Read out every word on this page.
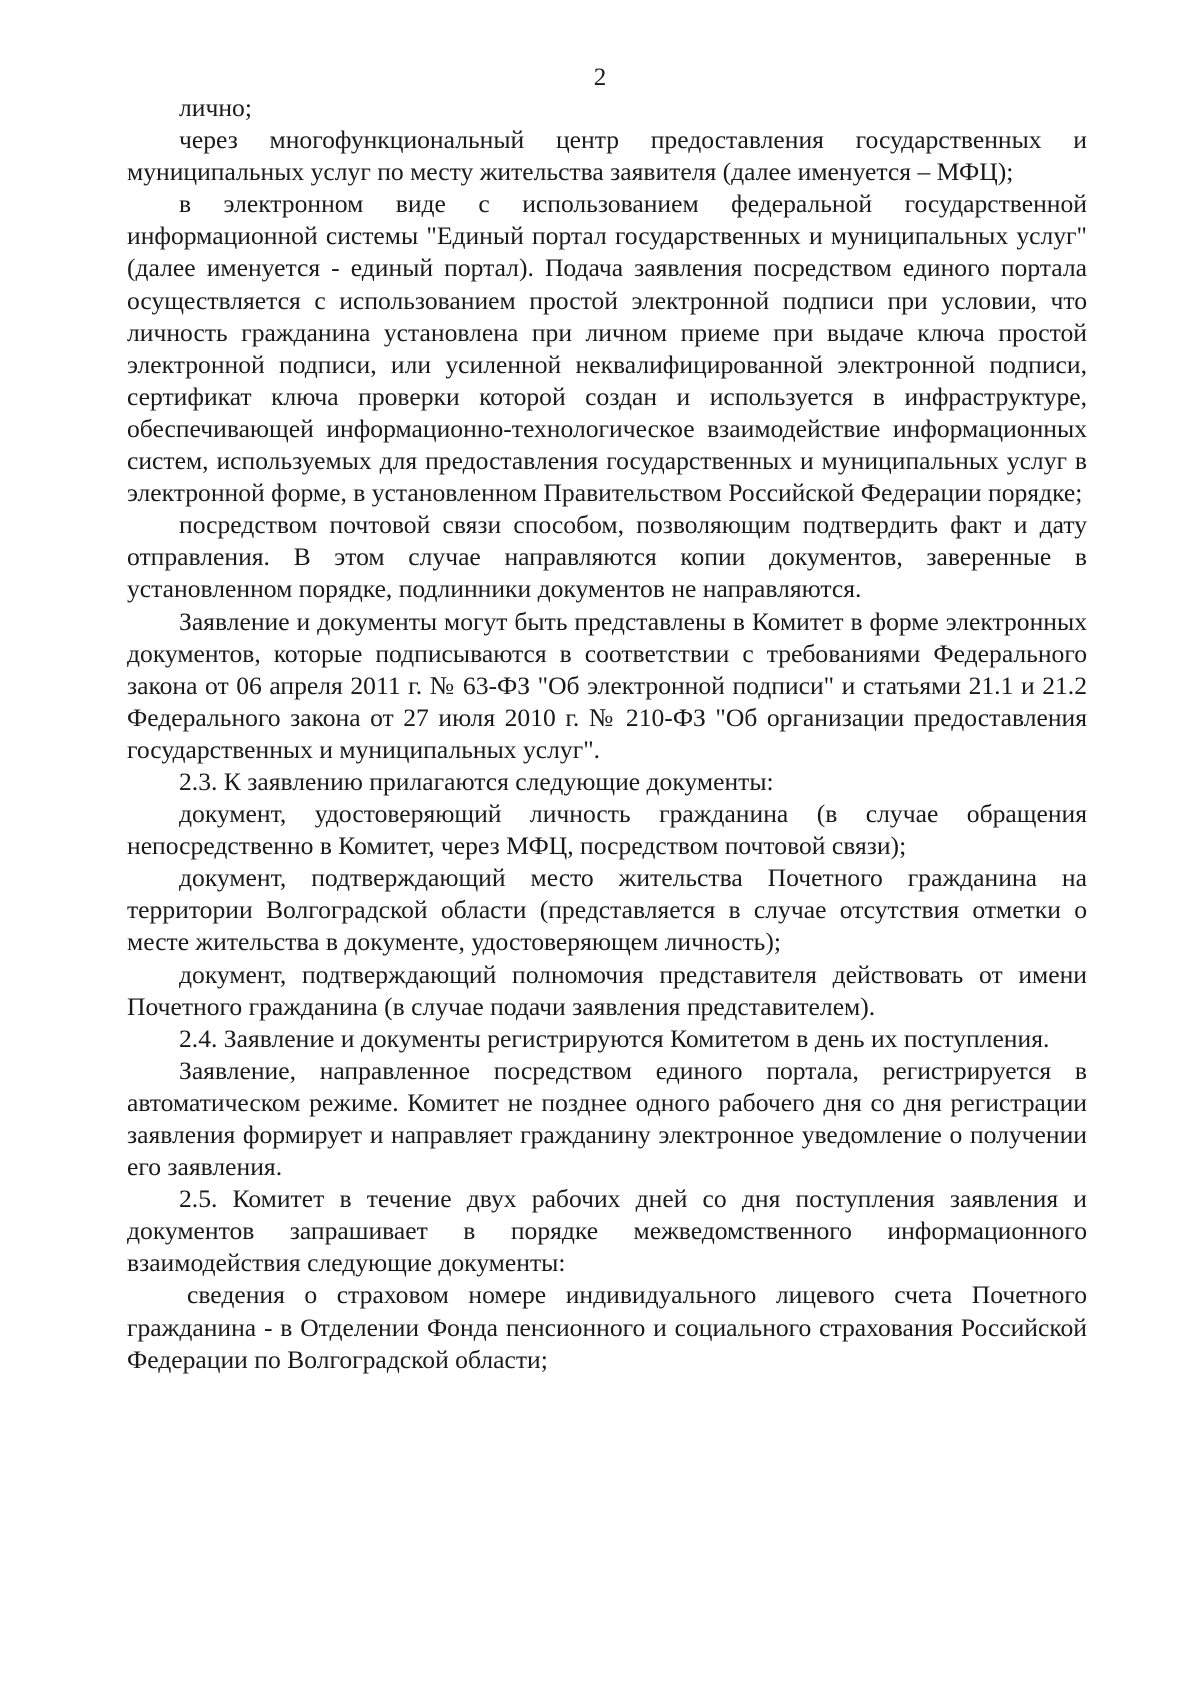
2

лично;

через многофункциональный центр предоставления государственных и муниципальных услуг по месту жительства заявителя (далее именуется – МФЦ);

в электронном виде с использованием федеральной государственной информационной системы "Единый портал государственных и муниципальных услуг" (далее именуется - единый портал). Подача заявления посредством единого портала осуществляется с использованием простой электронной подписи при условии, что личность гражданина установлена при личном приеме при выдаче ключа простой электронной подписи, или усиленной неквалифицированной электронной подписи, сертификат ключа проверки которой создан и используется в инфраструктуре, обеспечивающей информационно-технологическое взаимодействие информационных систем, используемых для предоставления государственных и муниципальных услуг в электронной форме, в установленном Правительством Российской Федерации порядке;

посредством почтовой связи способом, позволяющим подтвердить факт и дату отправления. В этом случае направляются копии документов, заверенные в установленном порядке, подлинники документов не направляются.

Заявление и документы могут быть представлены в Комитет в форме электронных документов, которые подписываются в соответствии с требованиями Федерального закона от 06 апреля 2011 г. № 63-ФЗ "Об электронной подписи" и статьями 21.1 и 21.2 Федерального закона от 27 июля 2010 г. № 210-ФЗ "Об организации предоставления государственных и муниципальных услуг".

2.3. К заявлению прилагаются следующие документы:

документ, удостоверяющий личность гражданина (в случае обращения непосредственно в Комитет, через МФЦ, посредством почтовой связи);

документ, подтверждающий место жительства Почетного гражданина на территории Волгоградской области (представляется в случае отсутствия отметки о месте жительства в документе, удостоверяющем личность);

документ, подтверждающий полномочия представителя действовать от имени Почетного гражданина (в случае подачи заявления представителем).

2.4. Заявление и документы регистрируются Комитетом в день их поступления.

Заявление, направленное посредством единого портала, регистрируется в автоматическом режиме. Комитет не позднее одного рабочего дня со дня регистрации заявления формирует и направляет гражданину электронное уведомление о получении его заявления.

2.5. Комитет в течение двух рабочих дней со дня поступления заявления и документов запрашивает в порядке межведомственного информационного взаимодействия следующие документы:

сведения о страховом номере индивидуального лицевого счета Почетного гражданина - в Отделении Фонда пенсионного и социального страхования Российской Федерации по Волгоградской области;
